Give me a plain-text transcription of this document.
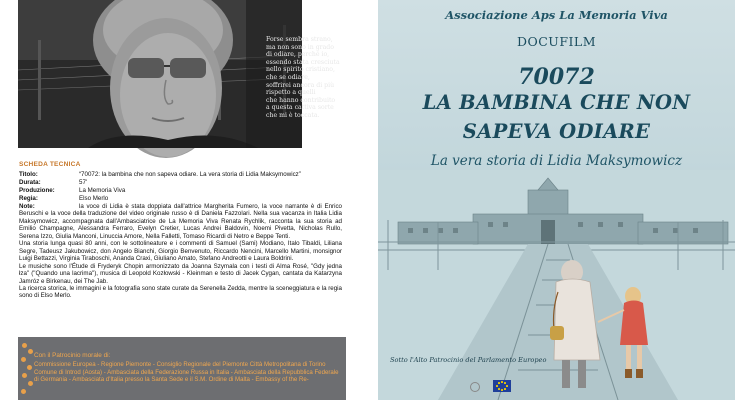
Forse sembra strano,
ma non sono in grado
di odiare, perché io,
essendo stata cresciuta
nello spirito cristiano,
che se odiare,
soffrirei ancora di più
rispetto a quelli
che hanno contribuito
a questa cattiva sorte
che mi è toccata.
SCHEDA TECNICA
Titolo:	“70072: la bambina che non sapeva odiare. La vera storia di Lidia Maksymowicz”
Durata:	57'
Produzione:	La Memoria Viva
Regia:	Elso Merlo
Note:	la voce di Lidia è stata doppiata dall'attrice Margherita Fumero, la voce narrante è di Enrico Beruschi e la voce della traduzione del video originale russo è di Daniela Fazzolari. Nella sua vacanza in Italia Lidia Maksymowicz, accompagnata dall'Ambasciatrice de La Memoria Viva Renata Rychlik, racconta la sua storia ad Emilio Champagne, Alessandra Ferraro, Evelyn Cretier, Lucas Andrei Baldovin, Noemi Pivetta, Nicholas Rullo, Serena Izzo, Giulia Manconi, Linuccia Amore, Nella Falletti, Tomaso Ricardi di Netro e Beppe Tenti.

Una storia lunga quasi 80 anni, con le sottolineature e i commenti di Samuel (Sami) Modiano, Italo Tibaldi, Liliana Segre, Tadeusz Jakubowicz, don Angelo Bianchi, Giorgio Benvenuto, Riccardo Nencini, Marcello Martini, monsignor Luigi Bettazzi, Virginia Tiraboschi, Ananda Craxi, Giuliano Amato, Stefano Andreotti e Laura Boldrini.

Le musiche sono l'Étude di Fryderyk Chopin armonizzato da Joanna Szymala con i testi di Alma Rosé, "Gdy jedna łza" ("Quando una lacrima"), musica di Leopold Kozłowski - Kleinman e testo di Jacek Cygan, cantata da Katarzyna Jamróz e Birkenau, dei The Jab.

La ricerca storica, le immagini e la fotografia sono state curate da Serenella Zedda, mentre la sceneggiatura e la regia sono di Elso Merlo.

Con il Patrocinio morale di:
Commissione Europea - Regione Piemonte - Consiglio Regionale del Piemonte Città Metropolitana di Torino Comune di Introd (Aosta) - Ambasciata della Federazione Russa in Italia - Ambasciata della Repubblica Federale di Germania - Ambasciata d'Italia presso la Santa Sede e il S.M. Ordine di Malta - Embassy of the Re-
Associazione Aps La Memoria Viva
DOCUFILM
70072
LA BAMBINA CHE NON
SAPEVA ODIARE
La vera storia di Lidia Maksymowicz
Sotto l'Alto Patrocinio del Parlamento Europeo
